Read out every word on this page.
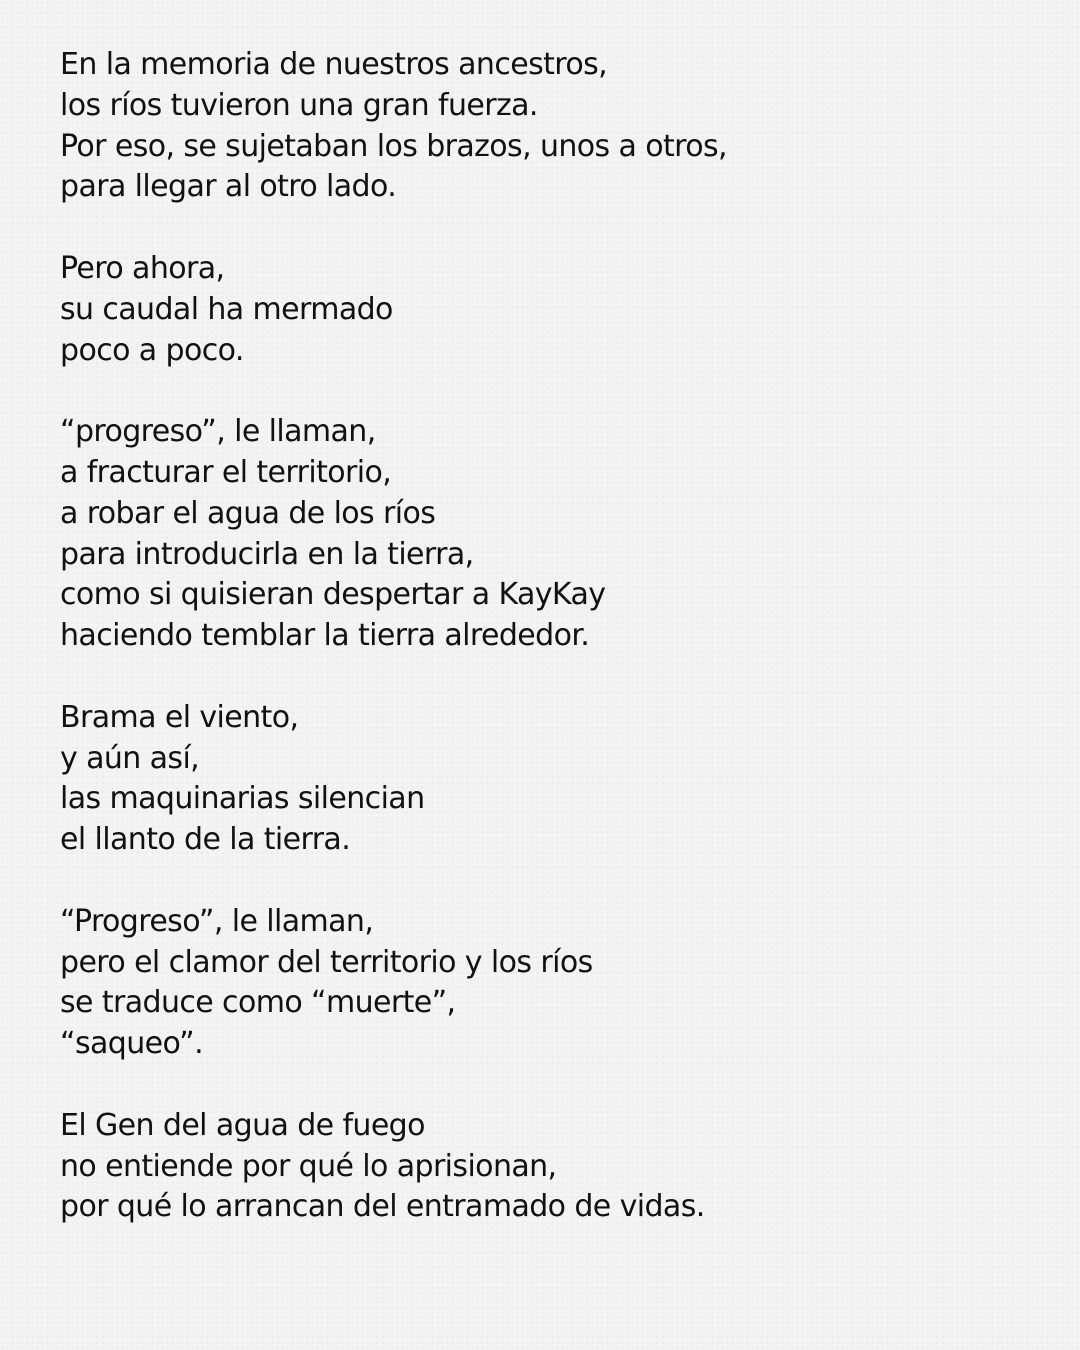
En la memoria de nuestros ancestros,
los ríos tuvieron una gran fuerza.
Por eso, se sujetaban los brazos, unos a otros,
para llegar al otro lado.
Pero ahora,
su caudal ha mermado
poco a poco.
“progreso”, le llaman,
a fracturar el territorio,
a robar el agua de los ríos
para introducirla en la tierra,
como si quisieran despertar a KayKay
haciendo temblar la tierra alrededor.
Brama el viento,
y aún así,
las maquinarias silencian
el llanto de la tierra.
“Progreso”, le llaman,
pero el clamor del territorio y los ríos
se traduce como “muerte”,
“saqueo”.
El Gen del agua de fuego
no entiende por qué lo aprisionan,
por qué lo arrancan del entramado de vidas.
